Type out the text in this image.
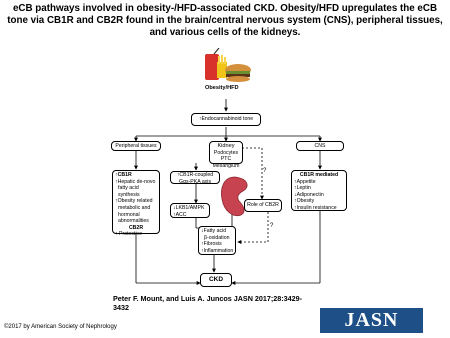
eCB pathways involved in obesity-/HFD-associated CKD. Obesity/HFD upregulates the eCB tone via CB1R and CB2R found in the brain/central nervous system (CNS), peripheral tissues, and various cells of the kidneys.
Obesity/HFD
↑Endocannabinoid tone
Peripheral tissues	Kidney
Podocytes
PTC
Mesangium
CNS
↑CB1R
↑Hepatic de-novo
fatty acid synthesis
↑Obesity related
metabolic and
hormonal
abnormalities
CB2R
↑ Protective
↑CB1R-coupled Gαs-PKA axis
↓LKB1/AMPK
↑ACC
Role of CB2R
?
?
↓Fatty acid
β-oxidation
↑Fibrosis
↑Inflammation
CB1R mediated
↑Appetite
↑Leptin
↓Adiponectin
↑Obesity
↑Insulin resistance
CKD
Peter F. Mount, and Luis A. Juncos JASN 2017;28:3429-3432
©2017 by American Society of Nephrology	JASN
